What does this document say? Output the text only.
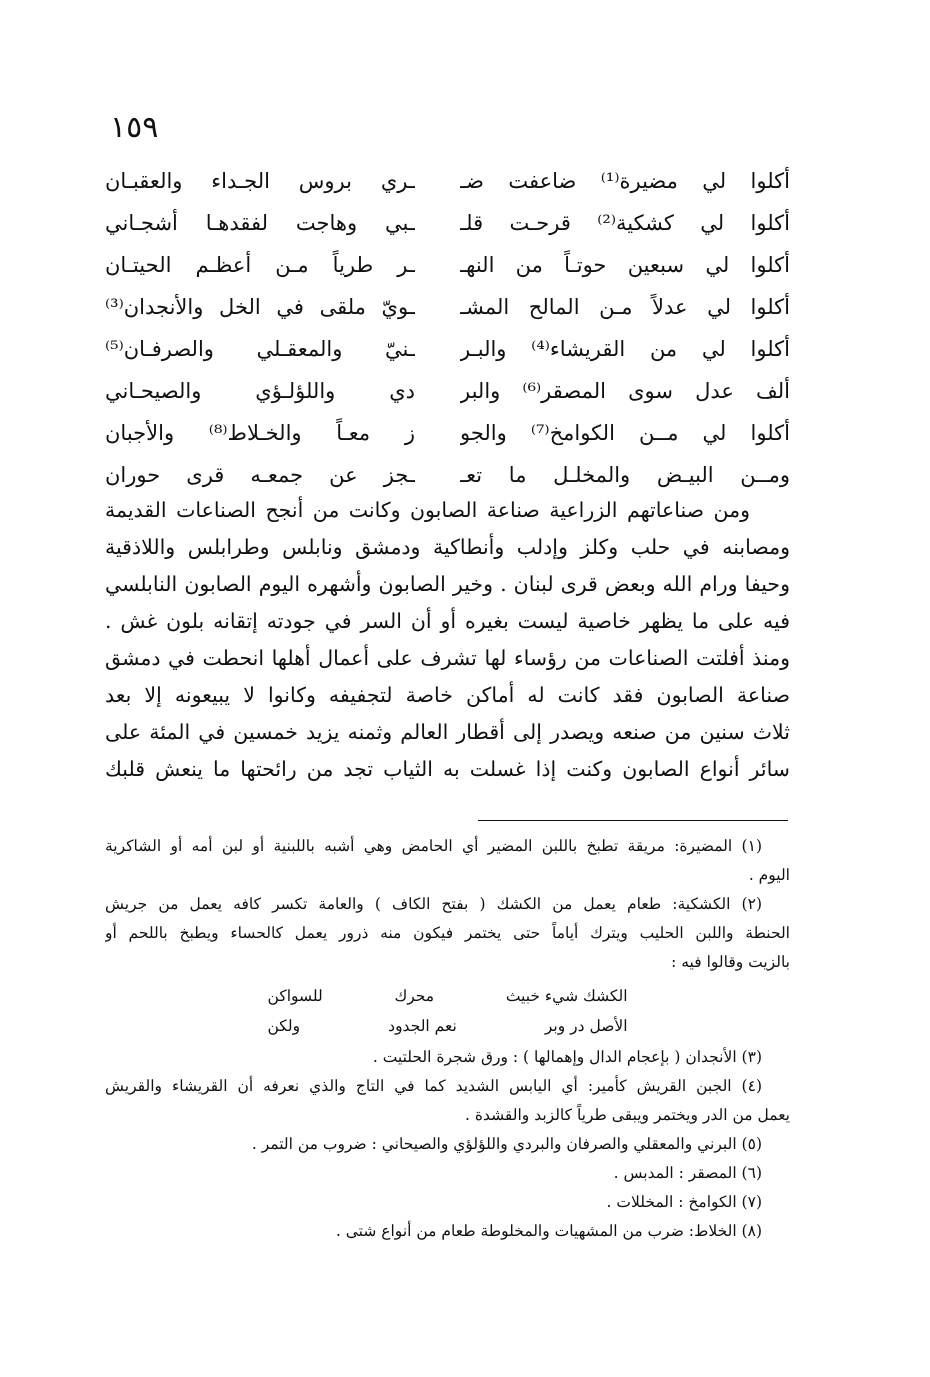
١٥٩
أكلوا لي مضيرة⁽¹⁾ ضاعفت ضـ
ـري بروس الجـداء والعقبـان
أكلوا لي كشكية⁽²⁾ قرحـت قلـ
ـبي وهاجت لفقدهـا أشجـاني
أكلوا لي سبعين حوتـاً من النهـ
ـر طرياً مـن أعظـم الحيتـان
أكلوا لي عدلاً مـن المالح المشـ
ـويّ ملقى في الخل والأنجدان⁽³⁾
أكلوا لي من القريشاء⁽⁴⁾ والبـر
ـنيّ والمعقـلي والصرفـان⁽⁵⁾
ألف عدل سوى المصقر⁽⁶⁾ والبر
دي واللؤلـؤي والصيحـاني
أكلوا لي مــن الكوامخ⁽⁷⁾ والجو
ز معـاً والخـلاط⁽⁸⁾ والأجبان
ومــن البيـض والمخلـل ما تعـ
ـجز عن جمعـه قرى حوران
ومن صناعاتهم الزراعية صناعة الصابون وكانت من أنجح الصناعات القديمة
ومصابنه في حلب وكلز وإدلب وأنطاكية ودمشق ونابلس وطرابلس واللاذقية
وحيفا ورام الله وبعض قرى لبنان . وخير الصابون وأشهره اليوم الصابون النابلسي
فيه على ما يظهر خاصية ليست بغيره أو أن السر في جودته إتقانه بلون غش .
ومنذ أفلتت الصناعات من رؤساء لها تشرف على أعمال أهلها انحطت في دمشق
صناعة الصابون فقد كانت له أماكن خاصة لتجفيفه وكانوا لا يبيعونه إلا بعد
ثلاث سنين من صنعه ويصدر إلى أقطار العالم وثمنه يزيد خمسين في المئة على
سائر أنواع الصابون وكنت إذا غسلت به الثياب تجد من رائحتها ما ينعش قلبك
(١) المضيرة: مريقة تطبخ باللبن المضير أي الحامض وهي أشبه باللبنية أو لبن أمه أو الشاكرية
اليوم .
(٢) الكشكية: طعام يعمل من الكشك ( بفتح الكاف ) والعامة تكسر كافه يعمل من جريش
الحنطة واللبن الحليب ويترك أياماً حتى يختمر فيكون منه ذرور يعمل كالحساء ويطبخ باللحم أو
بالزيت وقالوا فيه :
الكشك شيء خبيث
محرك
للسواكن
الأصل در وبر
نعم الجدود
ولكن
(٣) الأنجدان ( بإعجام الدال وإهمالها ) : ورق شجرة الحلتيت .
(٤) الجبن القريش كأمير: أي اليابس الشديد كما في التاج والذي نعرفه أن القريشاء والقريش
يعمل من الدر ويختمر ويبقى طرياً كالزبد والقشدة .
(٥) البرني والمعقلي والصرفان والبردي واللؤلؤي والصيحاني : ضروب من التمر .
(٦) المصقر : المدبس .
(٧) الكوامخ : المخللات .
(٨) الخلاط: ضرب من المشهيات والمخلوطة طعام من أنواع شتى .
